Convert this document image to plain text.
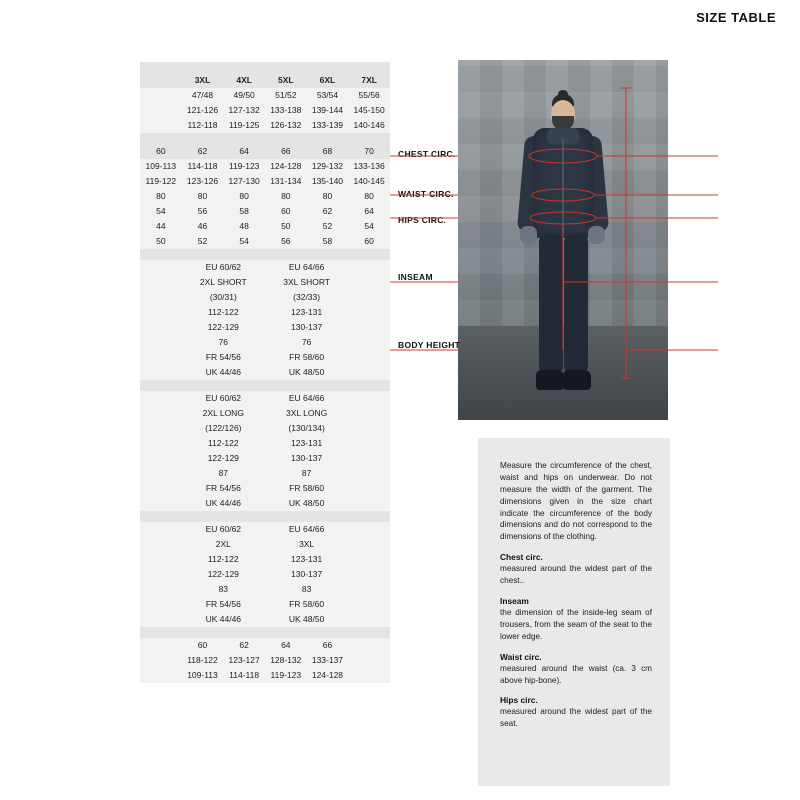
SIZE TABLE

	3XL	4XL	5XL	6XL	7XL
	47/48	49/50	51/52	53/54	55/56
	121-126	127-132	133-138	139-144	145-150
	112-118	119-125	126-132	133-139	140-146

60	62	64	66	68	70
109-113	114-118	119-123	124-128	129-132	133-136
119-122	123-126	127-130	131-134	135-140	140-145
80	80	80	80	80	80
54	56	58	60	62	64
44	46	48	50	52	54
50	52	54	56	58	60

	EU 60/62		EU 64/66		
	2XL SHORT		3XL SHORT		
	(30/31)		(32/33)		
	112-122		123-131		
	122-129		130-137		
	76		76		
	FR 54/56		FR 58/60		
	UK 44/46		UK 48/50		

	EU 60/62		EU 64/66		
	2XL LONG		3XL LONG		
	(122/126)		(130/134)		
	112-122		123-131		
	122-129		130-137		
	87		87		
	FR 54/56		FR 58/60		
	UK 44/46		UK 48/50		

	EU 60/62		EU 64/66		
	2XL		3XL		
	112-122		123-131		
	122-129		130-137		
	83		83		
	FR 54/56		FR 58/60		
	UK 44/46		UK 48/50		

	60	62	64	66	
	118-122	123-127	128-132	133-137	
	109-113	114-118	119-123	124-128	
CHEST CIRC.
WAIST CIRC.
HIPS CIRC.
INSEAM
BODY HEIGHT

Measure the circumference of the chest, waist and hips on underwear. Do not measure the width of the garment. The dimensions given in the size chart indicate the circumference of the body dimensions and do not correspond to the dimensions of the clothing.

Chest circ.

measured around the widest part of the chest..

Inseam

the dimension of the inside-leg seam of trousers, from the seam of the seat to the lower edge.

Waist circ.

measured around the waist (ca. 3 cm above hip-bone).

Hips circ.

measured around the widest part of the seat.
